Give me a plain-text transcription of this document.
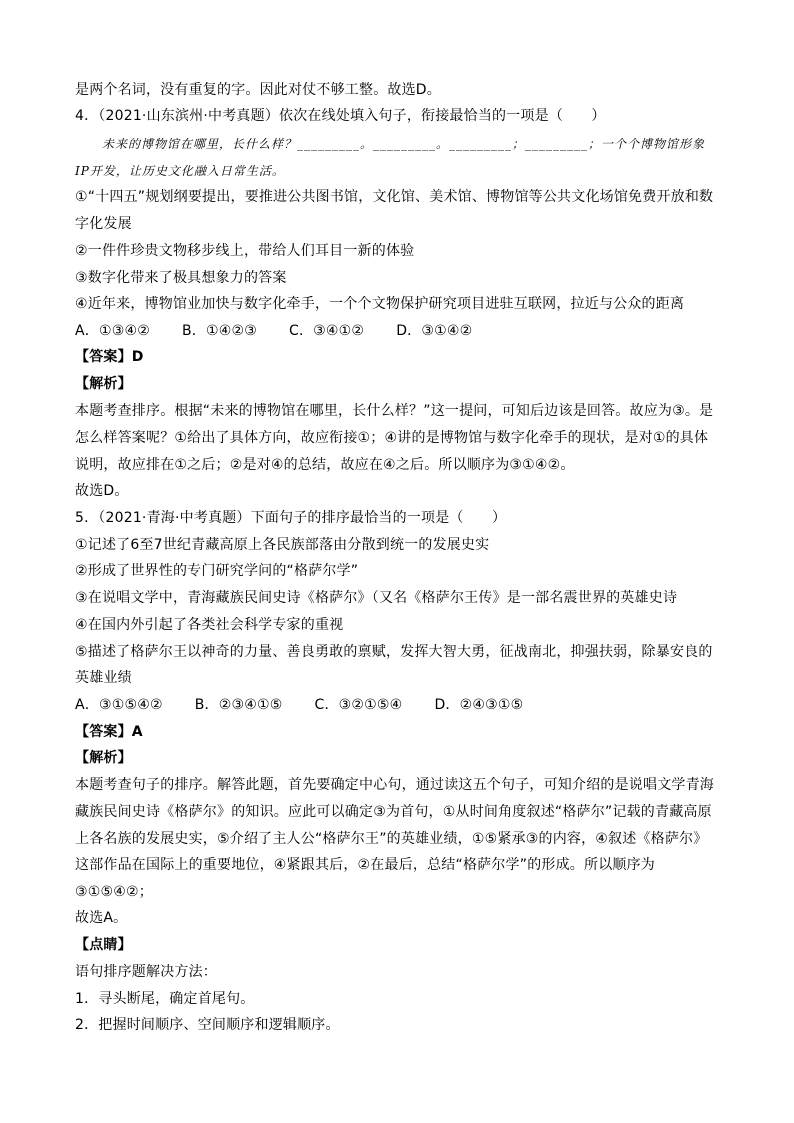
是两个名词，没有重复的字。因此对仗不够工整。故选D。
4．（2021·山东滨州·中考真题）依次在线处填入句子，衔接最恰当的一项是（　　）
未来的博物馆在哪里，长什么样？_________。_________。_________；_________；一个个博物馆形象
IP开发，让历史文化融入日常生活。
①“十四五”规划纲要提出，要推进公共图书馆，文化馆、美术馆、博物馆等公共文化场馆免费开放和数
字化发展
②一件件珍贵文物移步线上，带给人们耳目一新的体验
③数字化带来了极具想象力的答案
④近年来，博物馆业加快与数字化牵手，一个个文物保护研究项目进驻互联网，拉近与公众的距离
A．①③④② B．①④②③ C．③④①② D．③①④②
【答案】D
【解析】
本题考查排序。根据“未来的博物馆在哪里，长什么样？”这一提问，可知后边该是回答。故应为③。是
怎么样答案呢？①给出了具体方向，故应衔接①；④讲的是博物馆与数字化牵手的现状，是对①的具体
说明，故应排在①之后；②是对④的总结，故应在④之后。所以顺序为③①④②。
故选D。
5．（2021·青海·中考真题）下面句子的排序最恰当的一项是（　　）
①记述了6至7世纪青藏高原上各民族部落由分散到统一的发展史实
②形成了世界性的专门研究学问的“格萨尔学”
③在说唱文学中，青海藏族民间史诗《格萨尔》（又名《格萨尔王传》是一部名震世界的英雄史诗
④在国内外引起了各类社会科学专家的重视
⑤描述了格萨尔王以神奇的力量、善良勇敢的禀赋，发挥大智大勇，征战南北，抑强扶弱，除暴安良的
英雄业绩
A．③①⑤④② B．②③④①⑤ C．③②①⑤④ D．②④③①⑤
【答案】A
【解析】
本题考查句子的排序。解答此题，首先要确定中心句，通过读这五个句子，可知介绍的是说唱文学青海
藏族民间史诗《格萨尔》的知识。应此可以确定③为首句，①从时间角度叙述“格萨尔”记载的青藏高原
上各名族的发展史实，⑤介绍了主人公“格萨尔王”的英雄业绩，①⑤紧承③的内容，④叙述《格萨尔》
这部作品在国际上的重要地位，④紧跟其后，②在最后，总结“格萨尔学”的形成。所以顺序为
③①⑤④②；
故选A。
【点睛】
语句排序题解决方法：
1．寻头断尾，确定首尾句。
2．把握时间顺序、空间顺序和逻辑顺序。
